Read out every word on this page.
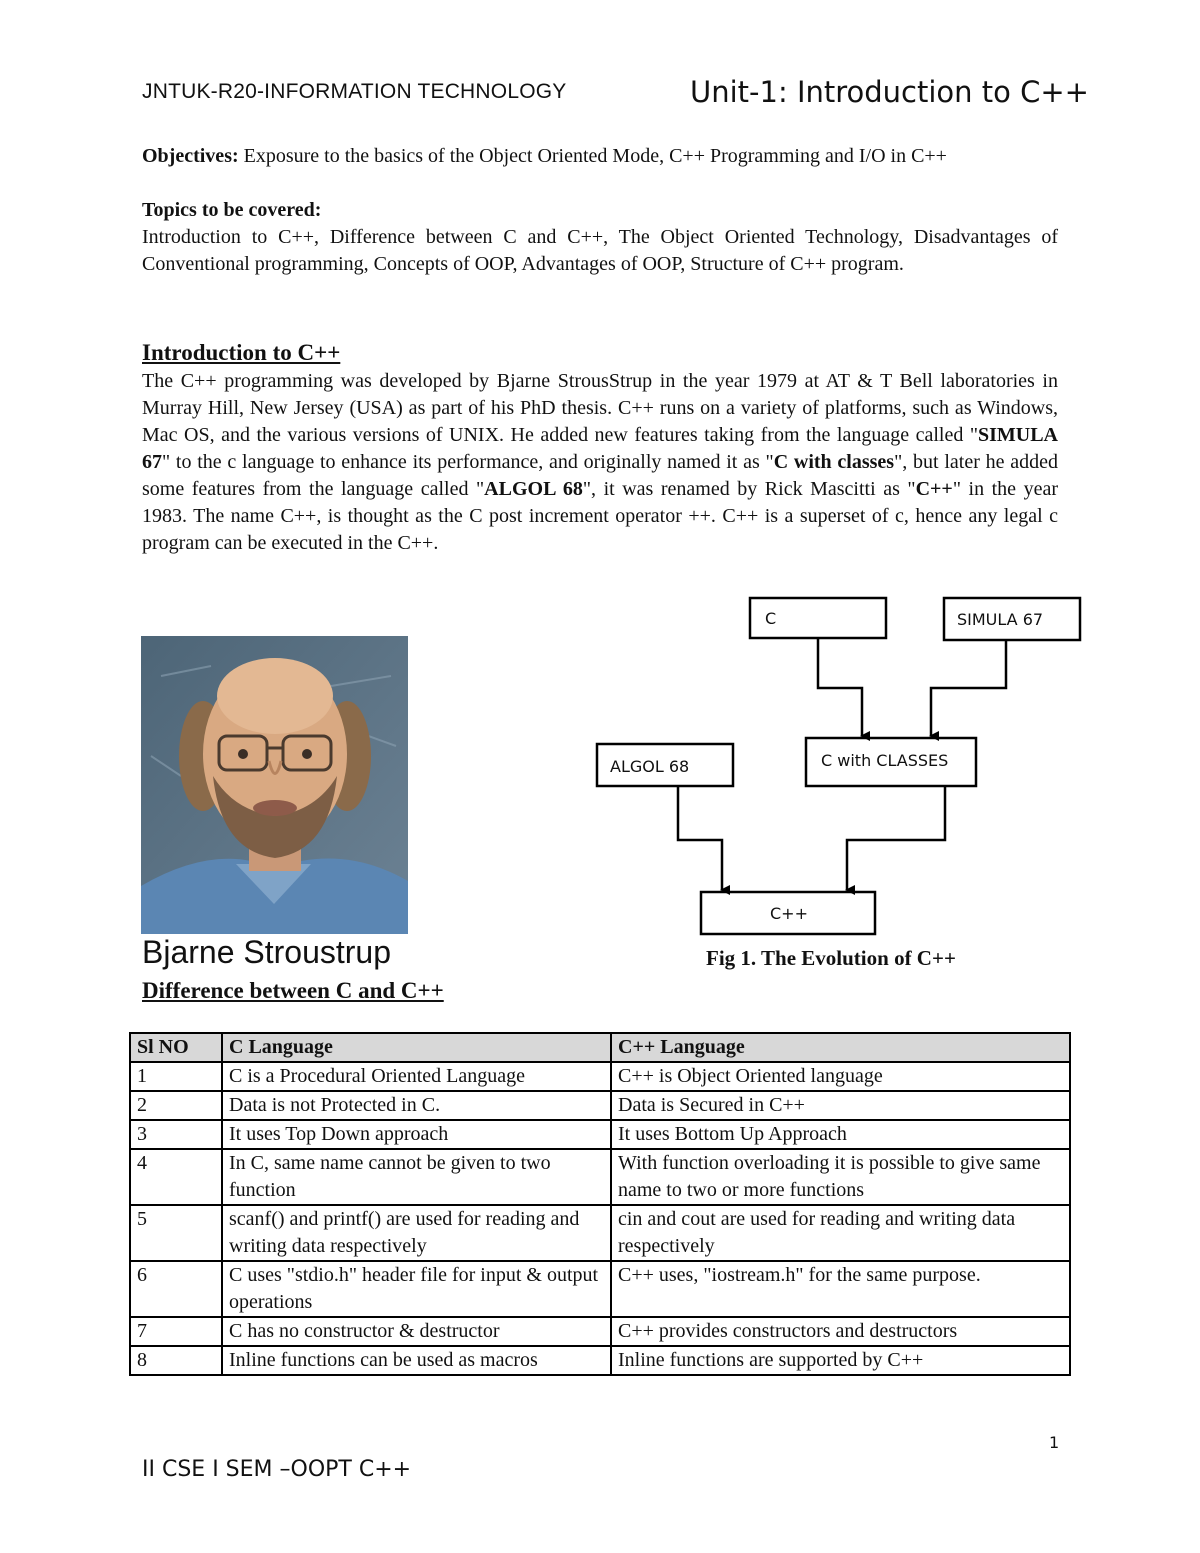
JNTUK-R20-INFORMATION TECHNOLOGY	Unit-1: Introduction to C++
Objectives: Exposure to the basics of the Object Oriented Mode, C++ Programming and I/O in C++
Topics to be covered:
Introduction to C++, Difference between C and C++, The Object Oriented Technology, Disadvantages of Conventional programming, Concepts of OOP, Advantages of OOP, Structure of C++ program.
Introduction to C++
The C++ programming was developed by Bjarne StrousStrup in the year 1979 at AT & T Bell laboratories in Murray Hill, New Jersey (USA) as part of his PhD thesis. C++ runs on a variety of platforms, such as Windows, Mac OS, and the various versions of UNIX. He added new features taking from the language called "SIMULA 67" to the c language to enhance its performance, and originally named it as "C with classes", but later he added some features from the language called "ALGOL 68", it was renamed by Rick Mascitti as "C++" in the year 1983. The name C++, is thought as the C post increment operator ++. C++ is a superset of c, hence any legal c program can be executed in the C++.
Bjarne Stroustrup
C	SIMULA 67
C with CLASSES
ALGOL 68
C++
Fig 1. The Evolution of C++
Difference between C and C++
Sl NO	C Language	C++ Language
1	C is a Procedural Oriented Language	C++ is Object Oriented language
2	Data is not Protected in C.	Data is Secured in C++
3	It uses Top Down approach	It uses Bottom Up Approach
4	In C, same name cannot be given to two function	With function overloading it is possible to give same name to two or more functions
5	scanf() and printf() are used for reading and writing data respectively	cin and cout are used for reading and writing data respectively
6	C uses "stdio.h" header file for input & output operations	C++ uses, "iostream.h" for the same purpose.
7	C has no constructor & destructor	C++ provides constructors and destructors
8	Inline functions can be used as macros	Inline functions are supported by C++
1
II CSE I SEM –OOPT C++
